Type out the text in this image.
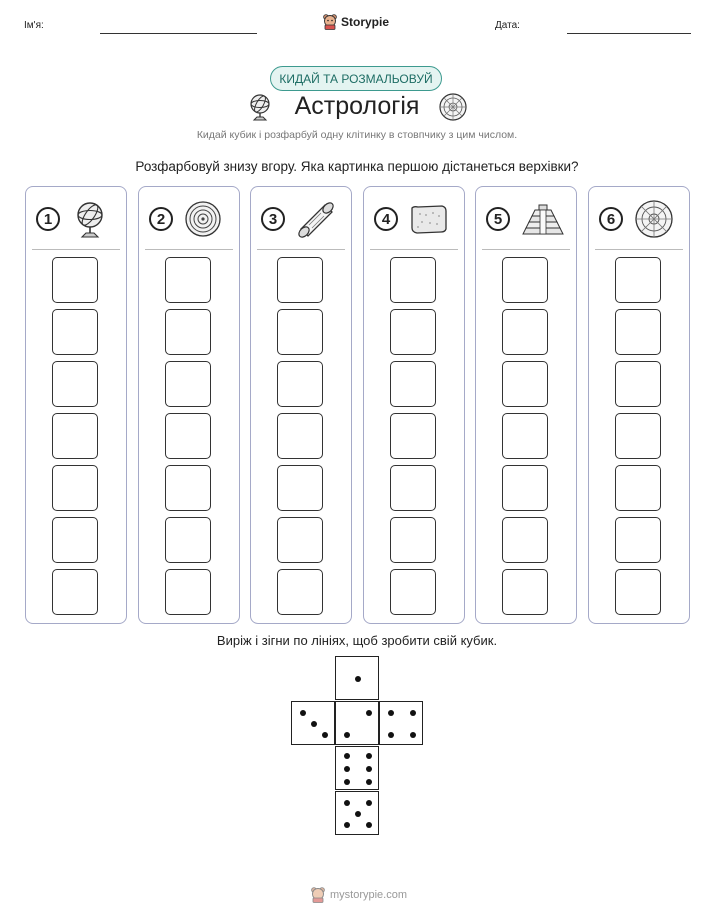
Ім'я:	Storypie	Дата:
КИДАЙ ТА РОЗМАЛЬОВУЙ
Астрологія
Кидай кубик і розфарбуй одну клітинку в стовпчику з цим числом.
Розфарбовуй знизу вгору. Яка картинка першою дістанеться верхівки?
1	2	3	4	5	6
Виріж і зігни по лініях, щоб зробити свій кубик.
mystorypie.com
